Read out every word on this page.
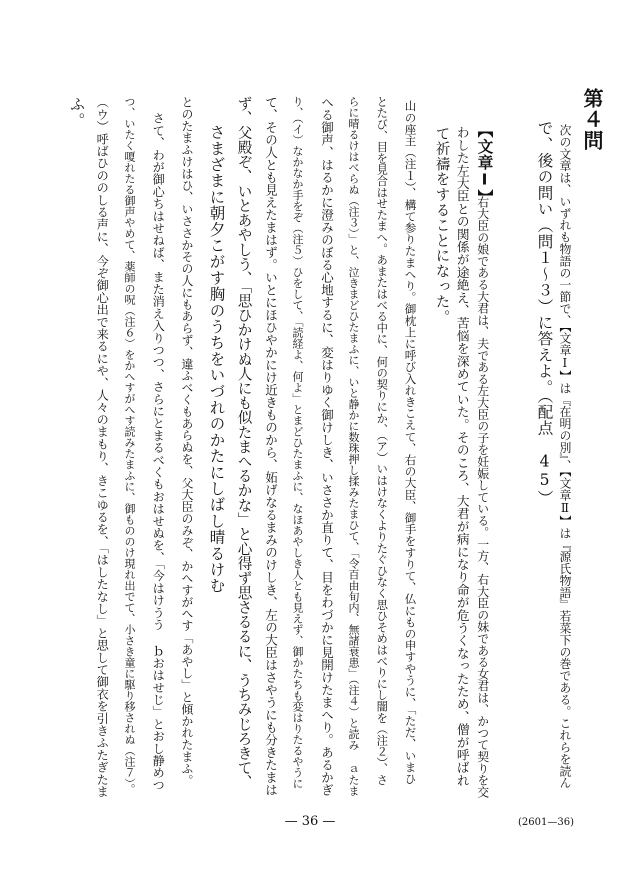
第４問
次の文章は、いずれも物語の一節で、【文章Ⅰ】は『在明の別』、【文章Ⅱ】は『源氏物語』若菜下の巻である。これらを読ん
で、後の問い（問１〜３）に答えよ。（配点　45）
【文章Ⅰ】
右大臣の娘である大君は、夫である左大臣の子を妊娠している。一方、右大臣の妹である女君は、かつて契りを交
わした左大臣との関係が途絶え、苦悩を深めていた。そのころ、大君が病になり命が危うくなったため、僧が呼ばれ
て祈禱をすることになった。
山の座主（注１）、構て参りたまへり。御枕上に呼び入れきこえて、右の大臣、御手をすりて、仏にもの申すやうに、「ただ、いまひ
とたび、目を見合はせたまへ。あまたはべる中に、何の契りにか、（ア）いはけなくよりたぐひなく思ひそめはべりにし闇を（注２）、さ
らに晴るけはべらぬ（注３）」と、泣きまどひたまふに、いと静かに数珠押し揉みたまひて、「令百由旬内、無諸衰患」（注４）と読み ａたま
へる御声、はるかに澄みのぼる心地するに、変はりゆく御けしき、いささか直りて、目をわづかに見開けたまへり。あるかぎ
り、（イ）なかなか手をぞ（注５）ひをして、「読経よ、何よ」とまどひたまふに、なほあやしき人とも見えず、御かたちも変はりたるやうに
て、その人とも見えたまはず。いとにほひやかにけ近きものから、妬げなるまみのけしき、左の大臣はさやうにも分きたまは
ず、父殿ぞ、いとあやしう、「思ひかけぬ人にも似たまへるかな」と心得ず思さるるに、うちみじろきて、
さまざまに朝夕こがす胸のうちをいづれのかたにしばし晴るけむ
とのたまふけはひ、いささかその人にもあらず、違ふべくもあらぬを、父大臣のみぞ、かへすがへす「あやし」と傾かれたまふ。
さて、わが御心ちはせねば、また消え入りつつ、さらにとまるべくもおはせぬを、「今はけうう ｂおはせじ」とおし静めつ
つ、いたく嗄れたる御声やめて、薬師の呪（注６）をかへすがへす読みたまふに、御もののけ現れ出でて、小さき童に駆り移されぬ（注７）。
（ウ）呼ばひののしる声に、今ぞ御心出で来るにや、人々のまもり、きこゆるを、「はしたなし」と思して御衣を引きふたぎたま
ふ。
— 36 —	(2601—36)
